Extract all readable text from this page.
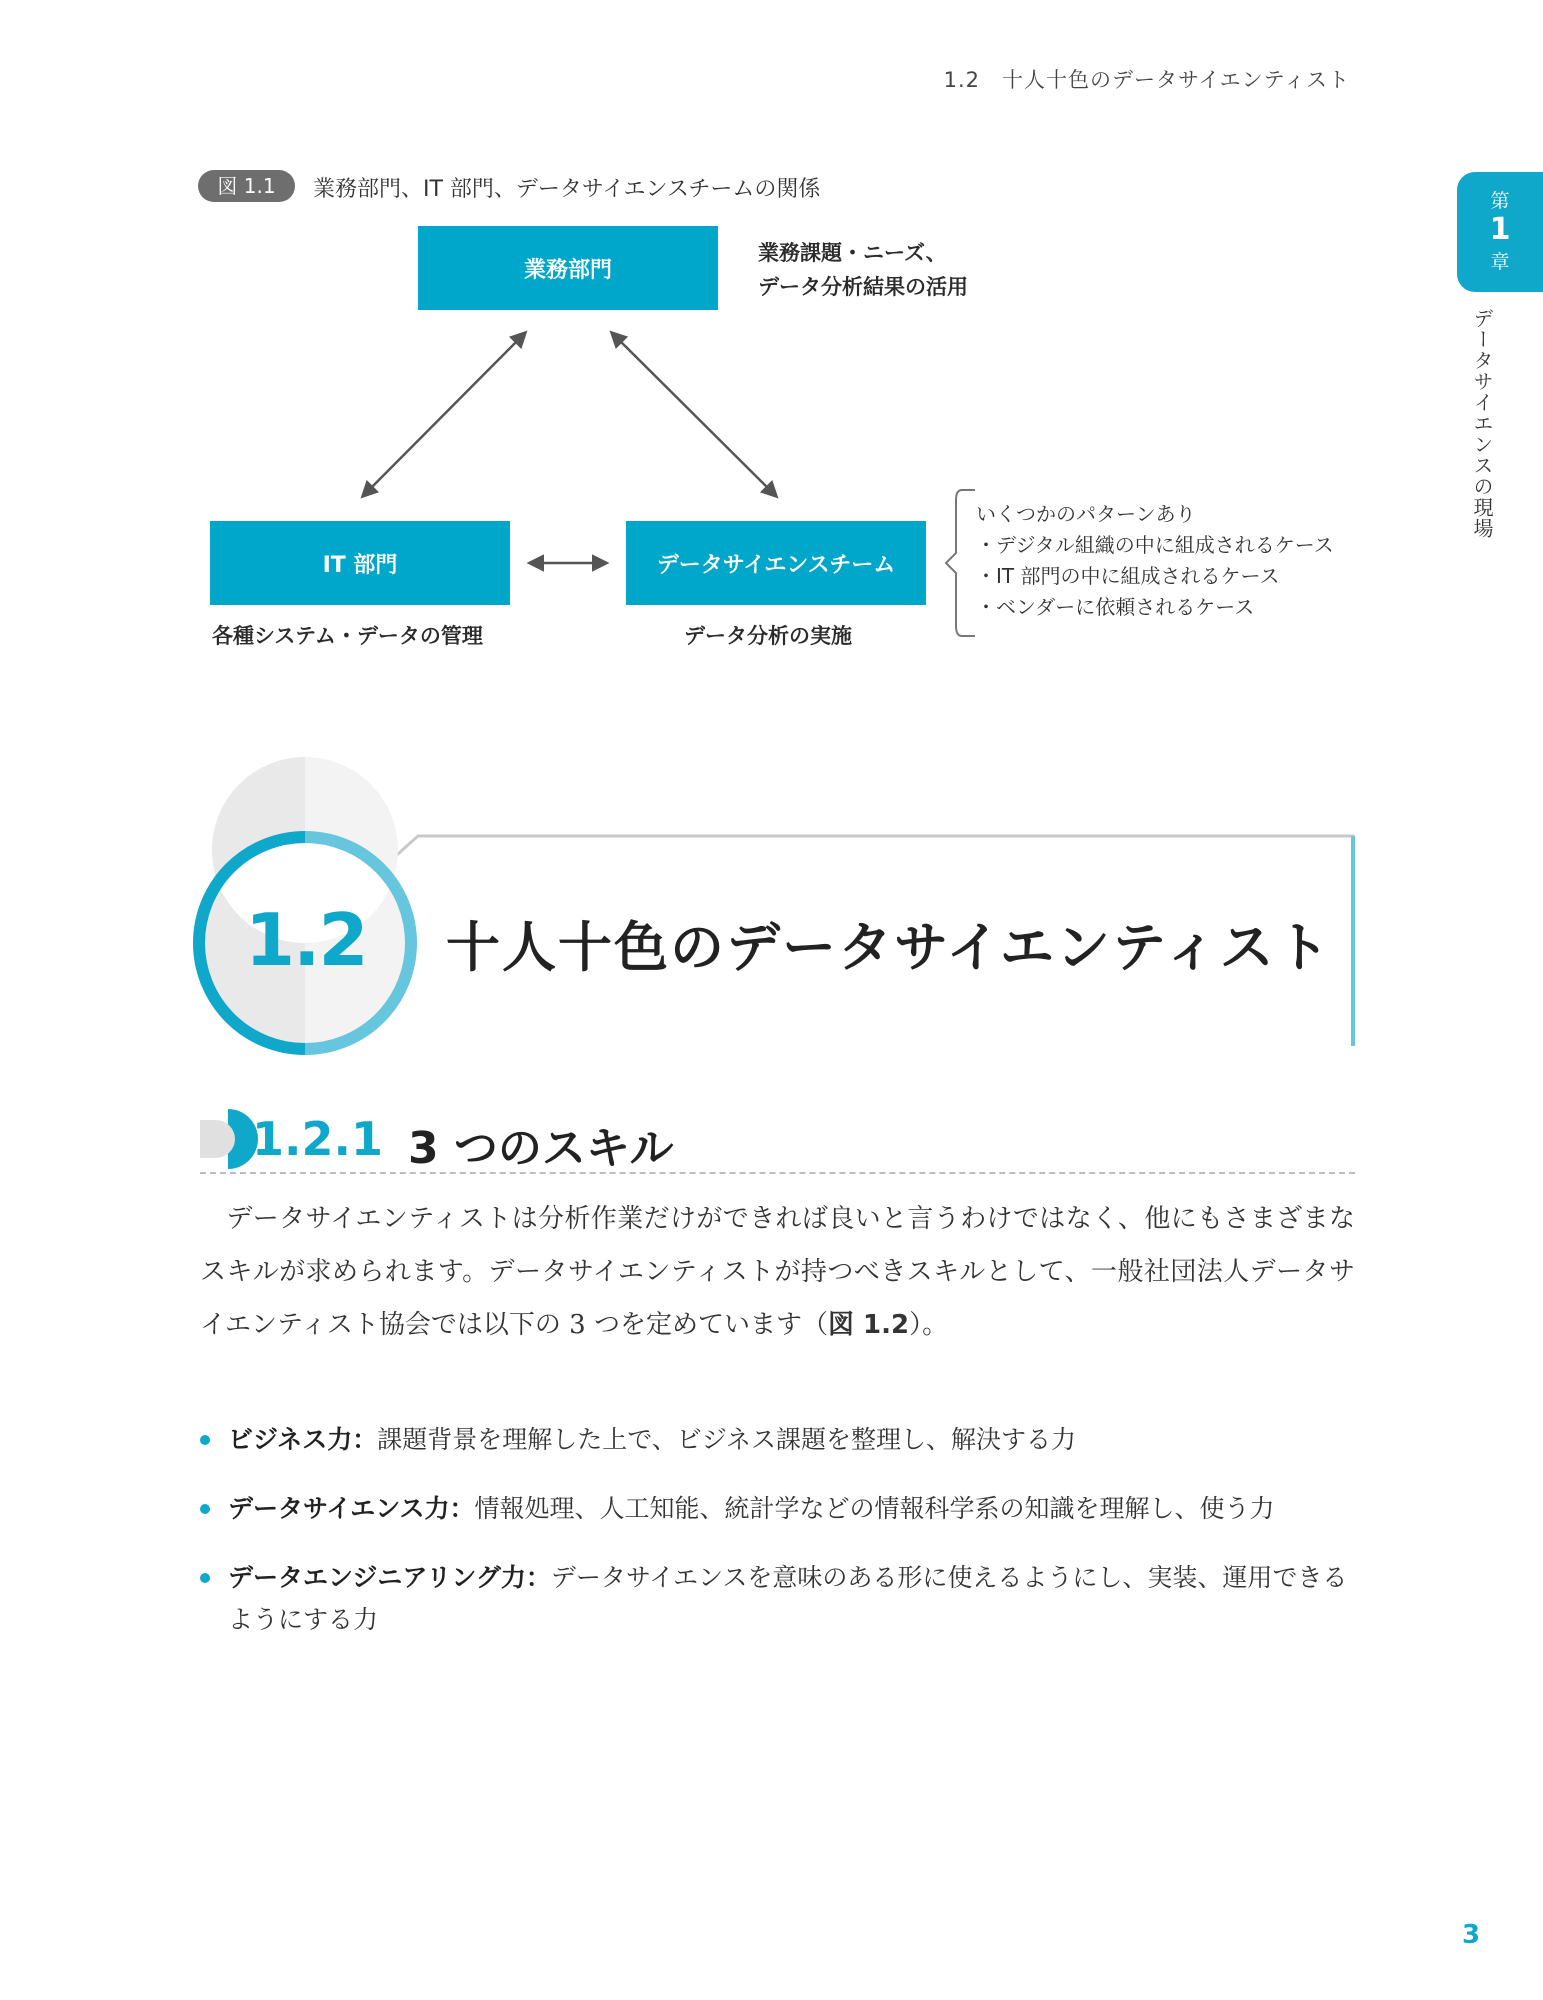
1.2　十人十色のデータサイエンティスト
第
1
章
データサイエンスの現場
図 1.1	業務部門、IT 部門、データサイエンスチームの関係
業務部門
IT 部門	データサイエンスチーム
業務課題・ニーズ、
データ分析結果の活用
各種システム・データの管理	データ分析の実施
いくつかのパターンあり
・デジタル組織の中に組成されるケース
・IT 部門の中に組成されるケース
・ベンダーに依頼されるケース
1.2 十人十色のデータサイエンティスト
1.2.1 3 つのスキル
データサイエンティストは分析作業だけができれば良いと言うわけではなく、他にもさまざまなスキルが求められます。データサイエンティストが持つべきスキルとして、一般社団法人データサイエンティスト協会では以下の 3 つを定めています（図 1.2）。
ビジネス力：課題背景を理解した上で、ビジネス課題を整理し、解決する力
データサイエンス力：情報処理、人工知能、統計学などの情報科学系の知識を理解し、使う力
データエンジニアリング力：データサイエンスを意味のある形に使えるようにし、実装、運用できるようにする力
3
